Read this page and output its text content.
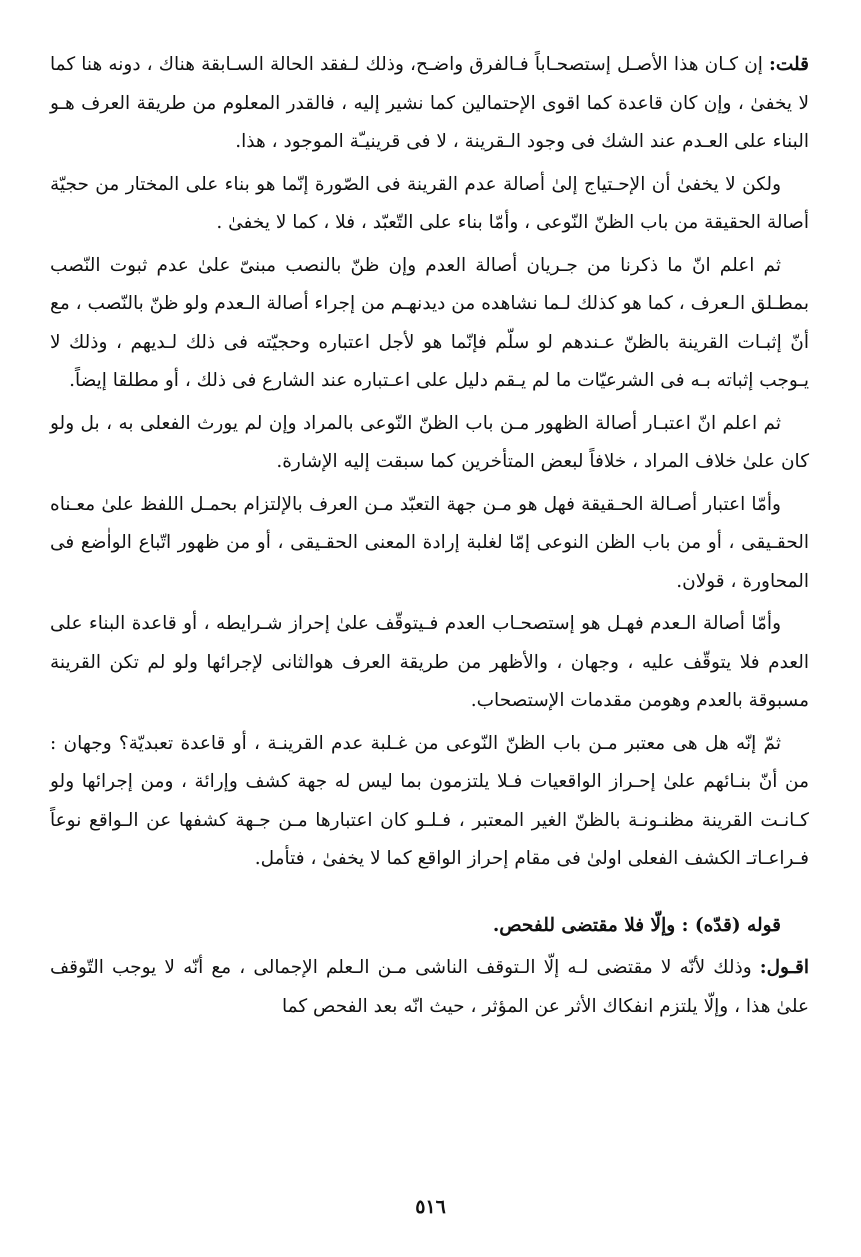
قلت: إن كـان هذا الأصـل إستصحـاباً فـالفرق واضـح، وذلك لـفقد الحالة السـابقة هناك ، دونه هنا كما لا يخفىٰ ، وإن كان قاعدة كما اقوى الإحتمالين كما نشير إليه ، فالقدر المعلوم من طريقة العرف هـو البناء على العـدم عند الشك فى وجود الـقرينة ، لا فى قرينيـّة الموجود ، هذا.

ولكن لا يخفىٰ أن الإحـتياج إلىٰ أصالة عدم القرينة فى الصّورة إنّما هو بناء على المختار من حجيّة أصالة الحقيقة من باب الظنّ النّوعى ، وأمّا بناء على التّعبّد ، فلا ، كما لا يخفىٰ .

ثم اعلم انّ ما ذكرنا من جـريان أصالة العدم وإن ظنّ بالنصب مبنىّ علىٰ عدم ثبوت النّصب بمطـلق الـعرف ، كما هو كذلك لـما نشاهده من ديدنهـم من إجراء أصالة الـعدم ولو ظنّ بالنّصب ، مع أنّ إثبـات القرينة بالظنّ عـندهم لو سلّم فإنّما هو لأجل اعتباره وحجيّته فى ذلك لـديهم ، وذلك لا يـوجب إثباته بـه فى الشرعيّات ما لم يـقم دليل على اعـتباره عند الشارع فى ذلك ، أو مطلقا إيضاً.

ثم اعلم انّ اعتبـار أصالة الظهور مـن باب الظنّ النّوعى بالمراد وإن لم يورث الفعلى به ، بل ولو كان علىٰ خلاف المراد ، خلافاً لبعض المتأخرين كما سبقت إليه الإشارة.

وأمّا اعتبار أصـالة الحـقيقة فهل هو مـن جهة التعبّد مـن العرف بالإلتزام بحمـل اللفظ علىٰ معـناه الحقـيقى ، أو من باب الظن النوعى إمّا لغلبة إرادة المعنى الحقـيقى ، أو من ظهور اتّباع الواٰضع فى المحاورة ، قولان.

وأمّا أصالة الـعدم فهـل هو إستصحـاب العدم فـيتوقّف علىٰ إحراز شـرايطه ، أو قاعدة البناء على العدم فلا يتوقّف عليه ، وجهان ، والأظهر من طريقة العرف هوالثانى لإجرائها ولو لم تكن القرينة مسبوقة بالعدم وهومن مقدمات الإستصحاب.

ثمّ إنّه هل هى معتبر مـن باب الظنّ النّوعى من غـلبة عدم القرينـة ، أو قاعدة تعبديّة؟ وجهان : من أنّ بنـائهم علىٰ إحـراز الواقعيات فـلا يلتزمون بما ليس له جهة كشف وإرائة ، ومن إجرائها ولو كـانـت القرينة مظنـونـة بالظنّ الغير المعتبر ، فـلـو كان اعتبارها مـن جـهة كشفها عن الـواقع نوعاً فـراعـاتـ الكشف الفعلى اولىٰ فى مقام إحراز الواقع كما لا يخفىٰ ، فتأمل.

قوله (قدّه) : وإلّا فلا مقتضى للفحص.

اقـول: وذلك لأنّه لا مقتضى لـه إلّا الـتوقف الناشى مـن الـعلم الإجمالى ، مع أنّه لا يوجب التّوقف علىٰ هذا ، وإلّا يلتزم انفكاك الأثر عن المؤثر ، حيث انّه بعد الفحص كما

٥١٦
